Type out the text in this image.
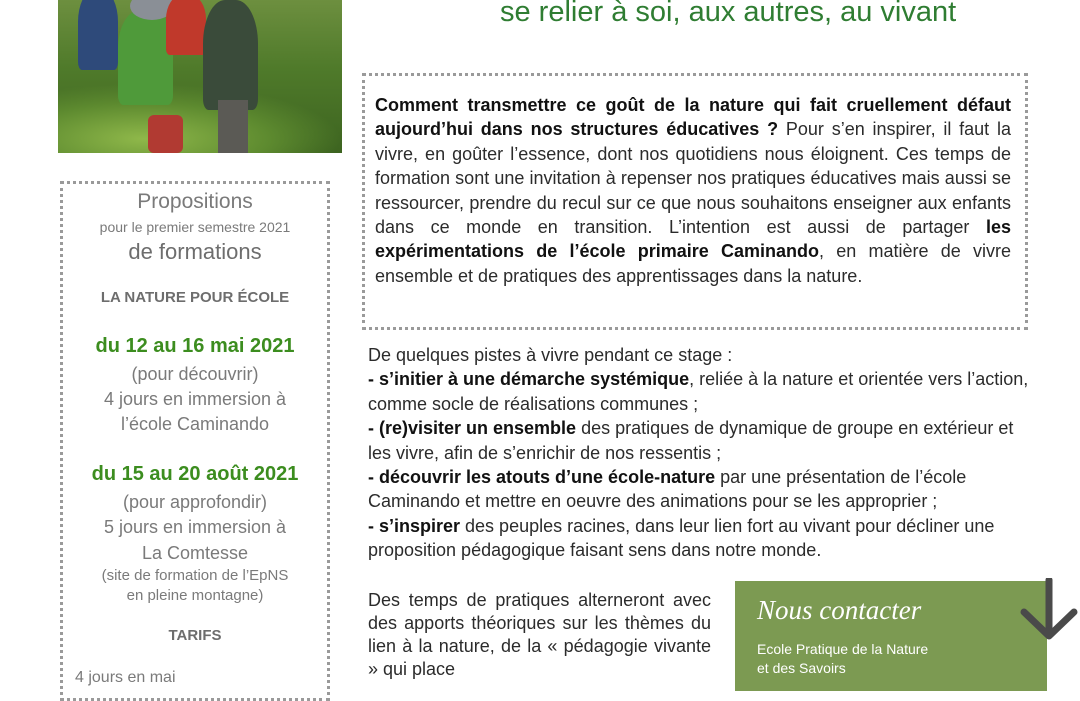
se relier à soi, aux autres, au vivant
Propositions
pour le premier semestre 2021
de formations
LA NATURE POUR ÉCOLE
du 12 au 16 mai 2021
(pour découvrir)
4 jours en immersion à
l’école Caminando
du 15 au 20 août 2021
(pour approfondir)
5 jours en immersion à
La Comtesse
(site de formation de l’EpNS
en pleine montagne)
TARIFS
4 jours en mai
Comment transmettre ce goût de la nature qui fait cruellement défaut aujourd’hui dans nos structures éducatives ? Pour s’en inspirer, il faut la vivre, en goûter l’essence, dont nos quotidiens nous éloignent. Ces temps de formation sont une invitation à repenser nos pratiques éducatives mais aussi se ressourcer, prendre du recul sur ce que nous souhaitons enseigner aux enfants dans ce monde en transition. L’intention est aussi de partager les expérimentations de l’école primaire Caminando, en matière de vivre ensemble et de pratiques des apprentissages dans la nature.
De quelques pistes à vivre pendant ce stage :
- s’initier à une démarche systémique, reliée à la nature et orientée vers l’action, comme socle de réalisations communes ;
- (re)visiter un ensemble des pratiques de dynamique de groupe en extérieur et les vivre, afin de s’enrichir de nos ressentis ;
- découvrir les atouts d’une école-nature par une présentation de l’école Caminando et mettre en oeuvre des animations pour se les approprier ;
- s’inspirer des peuples racines, dans leur lien fort au vivant pour décliner une proposition pédagogique faisant sens dans notre monde.
Des temps de pratiques alterneront avec des apports théoriques sur les thèmes du lien à la nature, de la « pédagogie vivante » qui place
Nous contacter
Ecole Pratique de la Nature
et des Savoirs
